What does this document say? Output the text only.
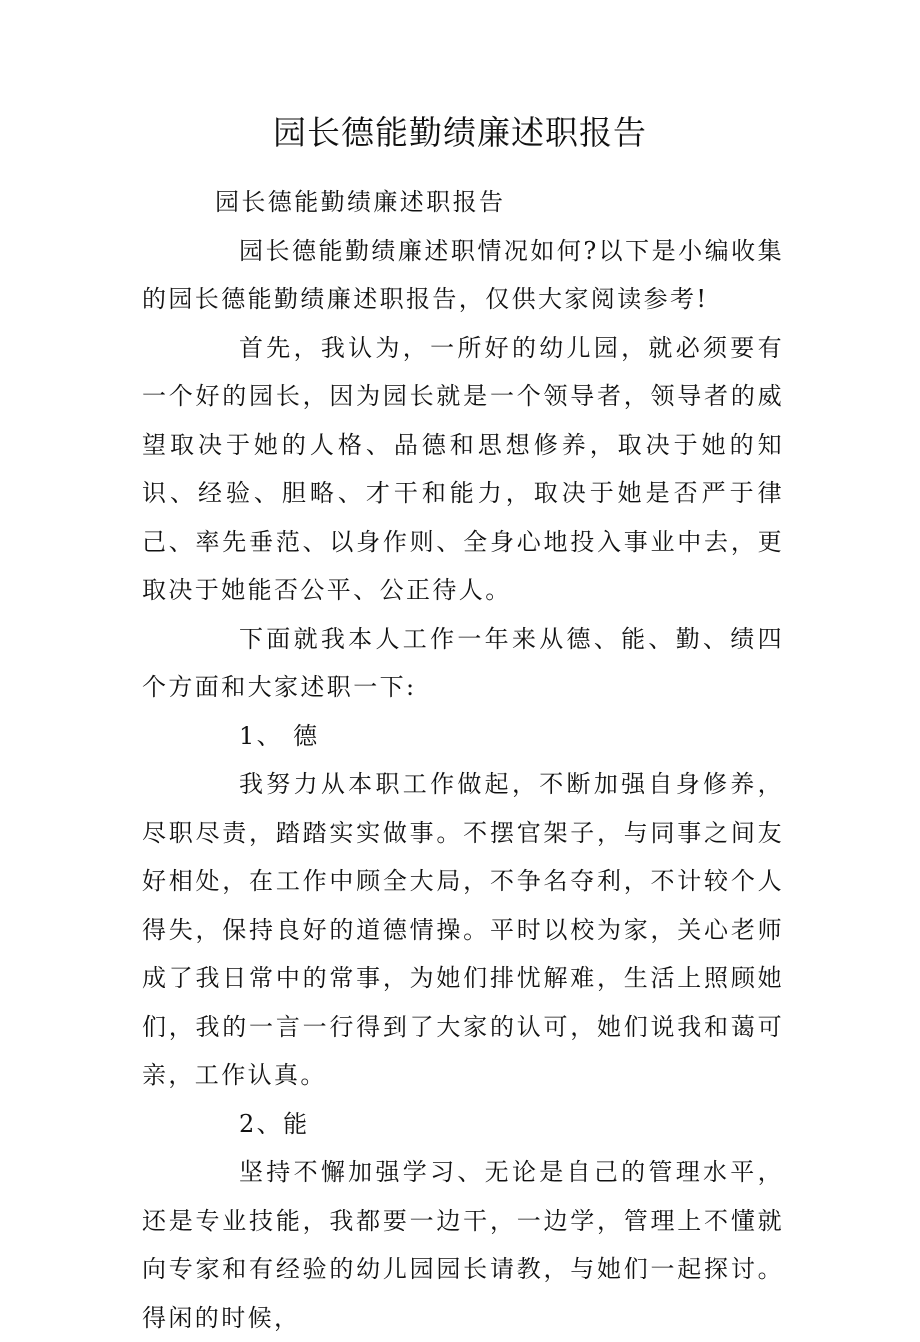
园长德能勤绩廉述职报告

园长德能勤绩廉述职报告

园长德能勤绩廉述职情况如何?以下是小编收集的园长德能勤绩廉述职报告，仅供大家阅读参考!

首先，我认为，一所好的幼儿园，就必须要有一个好的园长，因为园长就是一个领导者，领导者的威望取决于她的人格、品德和思想修养，取决于她的知识、经验、胆略、才干和能力，取决于她是否严于律己、率先垂范、以身作则、全身心地投入事业中去，更取决于她能否公平、公正待人。

下面就我本人工作一年来从德、能、勤、绩四个方面和大家述职一下:

1、 德

我努力从本职工作做起，不断加强自身修养，尽职尽责，踏踏实实做事。不摆官架子，与同事之间友好相处，在工作中顾全大局，不争名夺利，不计较个人得失，保持良好的道德情操。平时以校为家，关心老师成了我日常中的常事，为她们排忧解难，生活上照顾她们，我的一言一行得到了大家的认可，她们说我和蔼可亲，工作认真。

2、能

坚持不懈加强学习、无论是自己的管理水平，还是专业技能，我都要一边干，一边学，管理上不懂就向专家和有经验的幼儿园园长请教，与她们一起探讨。得闲的时候，
